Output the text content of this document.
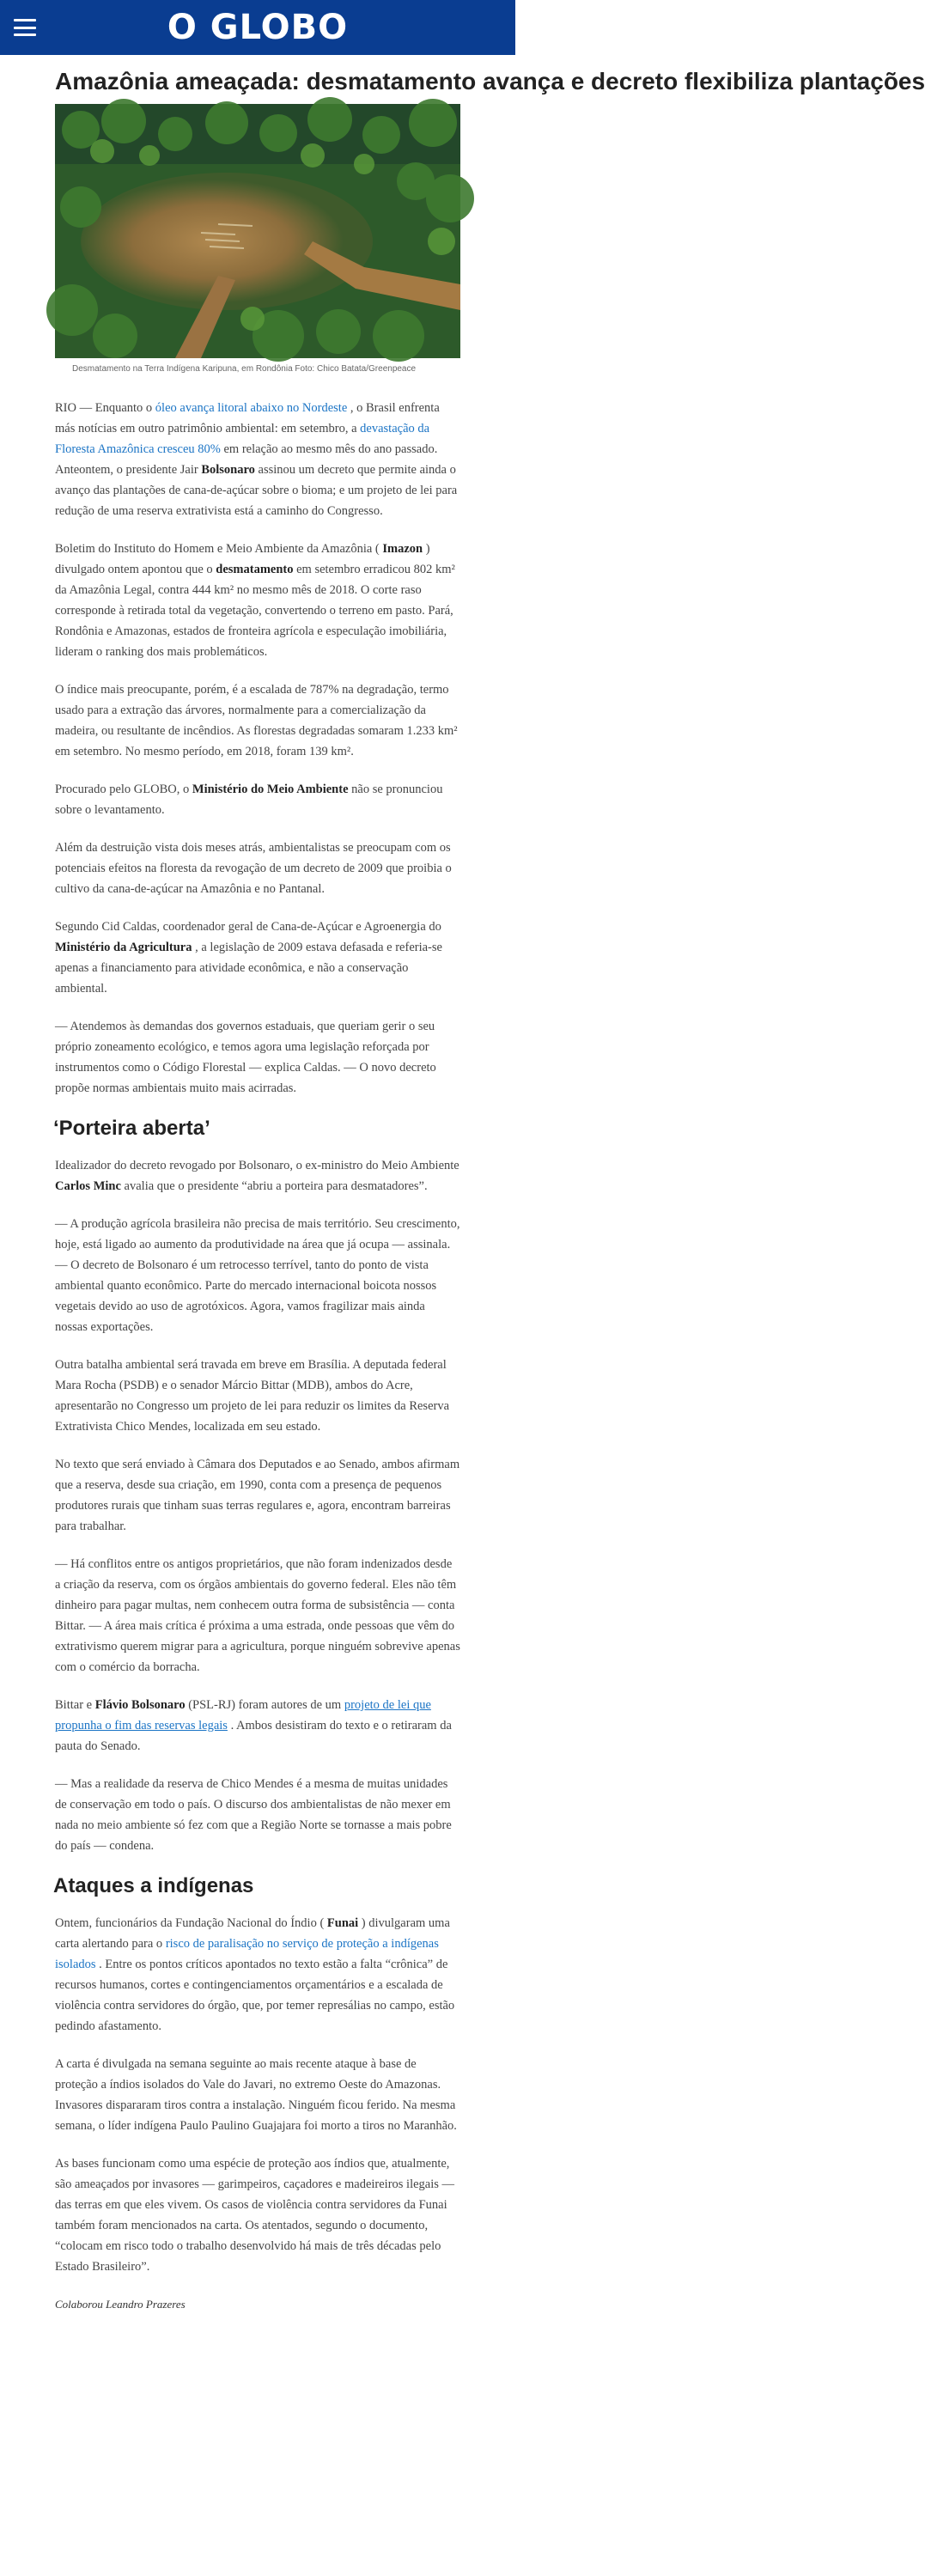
O GLOBO
Amazônia ameaçada: desmatamento avança e decreto flexibiliza plantações
Desmatamento na Terra Indígena Karipuna, em Rondônia Foto: Chico Batata/Greenpeace

RIO — Enquanto o óleo avança litoral abaixo no Nordeste , o Brasil enfrenta más notícias em outro patrimônio ambiental: em setembro, a devastação da Floresta Amazônica cresceu 80% em relação ao mesmo mês do ano passado. Anteontem, o presidente Jair Bolsonaro assinou um decreto que permite ainda o avanço das plantações de cana-de-açúcar sobre o bioma; e um projeto de lei para redução de uma reserva extrativista está a caminho do Congresso.

Boletim do Instituto do Homem e Meio Ambiente da Amazônia ( Imazon ) divulgado ontem apontou que o desmatamento em setembro erradicou 802 km² da Amazônia Legal, contra 444 km² no mesmo mês de 2018. O corte raso corresponde à retirada total da vegetação, convertendo o terreno em pasto. Pará, Rondônia e Amazonas, estados de fronteira agrícola e especulação imobiliária, lideram o ranking dos mais problemáticos.

O índice mais preocupante, porém, é a escalada de 787% na degradação, termo usado para a extração das árvores, normalmente para a comercialização da madeira, ou resultante de incêndios. As florestas degradadas somaram 1.233 km² em setembro. No mesmo período, em 2018, foram 139 km².

Procurado pelo GLOBO, o Ministério do Meio Ambiente não se pronunciou sobre o levantamento.

Além da destruição vista dois meses atrás, ambientalistas se preocupam com os potenciais efeitos na floresta da revogação de um decreto de 2009 que proibia o cultivo da cana-de-açúcar na Amazônia e no Pantanal.

Segundo Cid Caldas, coordenador geral de Cana-de-Açúcar e Agroenergia do Ministério da Agricultura , a legislação de 2009 estava defasada e referia-se apenas a financiamento para atividade econômica, e não a conservação ambiental.

— Atendemos às demandas dos governos estaduais, que queriam gerir o seu próprio zoneamento ecológico, e temos agora uma legislação reforçada por instrumentos como o Código Florestal — explica Caldas. — O novo decreto propõe normas ambientais muito mais acirradas.

‘Porteira aberta’

Idealizador do decreto revogado por Bolsonaro, o ex-ministro do Meio Ambiente Carlos Minc avalia que o presidente “abriu a porteira para desmatadores”.

— A produção agrícola brasileira não precisa de mais território. Seu crescimento, hoje, está ligado ao aumento da produtividade na área que já ocupa — assinala. — O decreto de Bolsonaro é um retrocesso terrível, tanto do ponto de vista ambiental quanto econômico. Parte do mercado internacional boicota nossos vegetais devido ao uso de agrotóxicos. Agora, vamos fragilizar mais ainda nossas exportações.

Outra batalha ambiental será travada em breve em Brasília. A deputada federal Mara Rocha (PSDB) e o senador Márcio Bittar (MDB), ambos do Acre, apresentarão no Congresso um projeto de lei para reduzir os limites da Reserva Extrativista Chico Mendes, localizada em seu estado.

No texto que será enviado à Câmara dos Deputados e ao Senado, ambos afirmam que a reserva, desde sua criação, em 1990, conta com a presença de pequenos produtores rurais que tinham suas terras regulares e, agora, encontram barreiras para trabalhar.

— Há conflitos entre os antigos proprietários, que não foram indenizados desde a criação da reserva, com os órgãos ambientais do governo federal. Eles não têm dinheiro para pagar multas, nem conhecem outra forma de subsistência — conta Bittar. — A área mais crítica é próxima a uma estrada, onde pessoas que vêm do extrativismo querem migrar para a agricultura, porque ninguém sobrevive apenas com o comércio da borracha.

Bittar e Flávio Bolsonaro (PSL-RJ) foram autores de um projeto de lei que propunha o fim das reservas legais . Ambos desistiram do texto e o retiraram da pauta do Senado.

— Mas a realidade da reserva de Chico Mendes é a mesma de muitas unidades de conservação em todo o país. O discurso dos ambientalistas de não mexer em nada no meio ambiente só fez com que a Região Norte se tornasse a mais pobre do país — condena.

Ataques a indígenas

Ontem, funcionários da Fundação Nacional do Índio ( Funai ) divulgaram uma carta alertando para o risco de paralisação no serviço de proteção a indígenas isolados . Entre os pontos críticos apontados no texto estão a falta “crônica” de recursos humanos, cortes e contingenciamentos orçamentários e a escalada de violência contra servidores do órgão, que, por temer represálias no campo, estão pedindo afastamento.

A carta é divulgada na semana seguinte ao mais recente ataque à base de proteção a índios isolados do Vale do Javari, no extremo Oeste do Amazonas. Invasores dispararam tiros contra a instalação. Ninguém ficou ferido. Na mesma semana, o líder indígena Paulo Paulino Guajajara foi morto a tiros no Maranhão.

As bases funcionam como uma espécie de proteção aos índios que, atualmente, são ameaçados por invasores — garimpeiros, caçadores e madeireiros ilegais — das terras em que eles vivem. Os casos de violência contra servidores da Funai também foram mencionados na carta. Os atentados, segundo o documento, “colocam em risco todo o trabalho desenvolvido há mais de três décadas pelo Estado Brasileiro”.

Colaborou Leandro Prazeres
